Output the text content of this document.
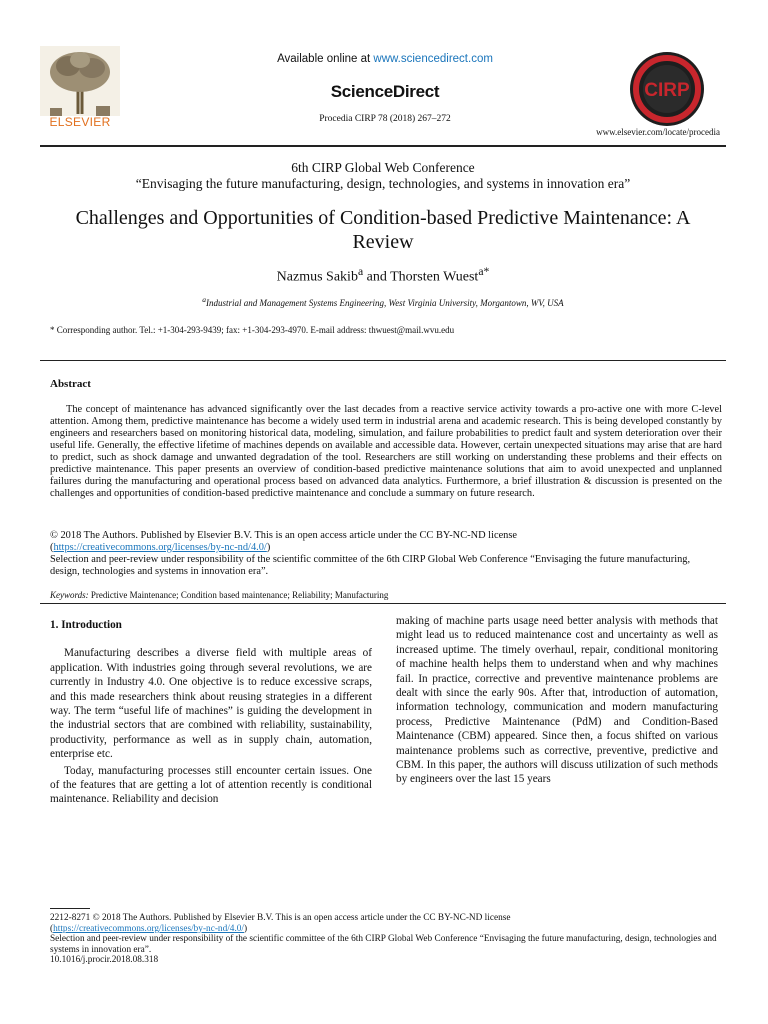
ELSEVIER
Available online at www.sciencedirect.com
ScienceDirect
Procedia CIRP 78 (2018) 267–272
CIRP
www.elsevier.com/locate/procedia
6th CIRP Global Web Conference
“Envisaging the future manufacturing, design, technologies, and systems in innovation era”
Challenges and Opportunities of Condition-based Predictive Maintenance: A Review
Nazmus Sakib$^a$ and Thorsten Wuest$^{a*}$
$^a$Industrial and Management Systems Engineering, West Virginia University, Morgantown, WV, USA
* Corresponding author. Tel.: +1-304-293-9439; fax: +1-304-293-4970. E-mail address: thwuest@mail.wvu.edu
Abstract
The concept of maintenance has advanced significantly over the last decades from a reactive service activity towards a pro-active one with more C-level attention. Among them, predictive maintenance has become a widely used term in industrial arena and academic research. This is being developed constantly by engineers and researchers based on monitoring historical data, modeling, simulation, and failure probabilities to predict fault and system deterioration over their useful life. Generally, the effective lifetime of machines depends on available and accessible data. However, certain unexpected situations may arise that are hard to predict, such as shock damage and unwanted degradation of the tool. Researchers are still working on understanding these problems and their effects on predictive maintenance. This paper presents an overview of condition-based predictive maintenance solutions that aim to avoid unexpected and unplanned failures during the manufacturing and operational process based on advanced data analytics. Furthermore, a brief illustration & discussion is presented on the challenges and opportunities of condition-based predictive maintenance and conclude a summary on future research.
© 2018 The Authors. Published by Elsevier B.V. This is an open access article under the CC BY-NC-ND license
(https://creativecommons.org/licenses/by-nc-nd/4.0/)
Selection and peer-review under responsibility of the scientific committee of the 6th CIRP Global Web Conference “Envisaging the future manufacturing, design, technologies and systems in innovation era”.
Keywords: Predictive Maintenance; Condition based maintenance; Reliability; Manufacturing

1. Introduction

Manufacturing describes a diverse field with multiple areas of application. With industries going through several revolutions, we are currently in Industry 4.0. One objective is to reduce excessive scraps, and this made researchers think about reusing strategies in a different way. The term “useful life of machines” is guiding the development in the industrial sectors that are combined with reliability, sustainability, productivity, performance as well as in supply chain, automation, enterprise etc.

Today, manufacturing processes still encounter certain issues. One of the features that are getting a lot of attention recently is conditional maintenance. Reliability and decision

making of machine parts usage need better analysis with methods that might lead us to reduced maintenance cost and uncertainty as well as increased uptime. The timely overhaul, repair, conditional monitoring of machine health helps them to understand when and why machines fail. In practice, corrective and preventive maintenance problems are dealt with since the early 90s. After that, introduction of automation, information technology, communication and modern manufacturing process, Predictive Maintenance (PdM) and Condition-Based Maintenance (CBM) appeared. Since then, a focus shifted on various maintenance problems such as corrective, preventive, predictive and CBM. In this paper, the authors will discuss utilization of such methods by engineers over the last 15 years

2212-8271 © 2018 The Authors. Published by Elsevier B.V. This is an open access article under the CC BY-NC-ND license
(https://creativecommons.org/licenses/by-nc-nd/4.0/)
Selection and peer-review under responsibility of the scientific committee of the 6th CIRP Global Web Conference “Envisaging the future manufacturing, design, technologies and systems in innovation era”.
10.1016/j.procir.2018.08.318
